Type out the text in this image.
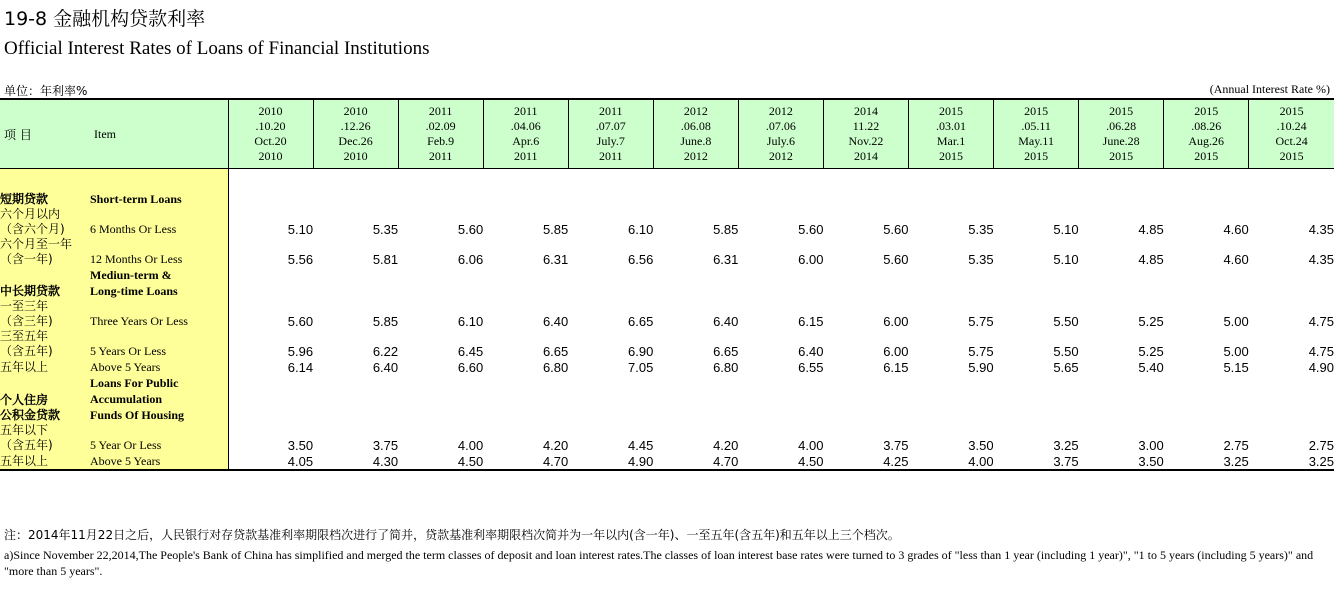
19-8 金融机构贷款利率
Official Interest Rates of Loans of Financial Institutions
单位：年利率%	(Annual Interest Rate %)
项 目	Item	2010
.10.20
Oct.20
2010	2010
.12.26
Dec.26
2010	2011
.02.09
Feb.9
2011	2011
.04.06
Apr.6
2011	2011
.07.07
July.7
2011	2012
.06.08
June.8
2012	2012
.07.06
July.6
2012	2014
11.22
Nov.22
2014	2015
.03.01
Mar.1
2015	2015
.05.11
May.11
2015	2015
.06.28
June.28
2015	2015
.08.26
Aug.26
2015	2015
.10.24
Oct.24
2015

短期贷款	Short-term Loans													
六个月以内
（含六个月)	6 Months Or Less	5.10	5.35	5.60	5.85	6.10	5.85	5.60	5.60	5.35	5.10	4.85	4.60	4.35
六个月至一年
（含一年)	12 Months Or Less	5.56	5.81	6.06	6.31	6.56	6.31	6.00	5.60	5.35	5.10	4.85	4.60	4.35
中长期贷款	Mediun-term &
Long-time Loans													
一至三年
（含三年)	Three Years Or Less	5.60	5.85	6.10	6.40	6.65	6.40	6.15	6.00	5.75	5.50	5.25	5.00	4.75
三至五年
（含五年)	5 Years Or Less	5.96	6.22	6.45	6.65	6.90	6.65	6.40	6.00	5.75	5.50	5.25	5.00	4.75
五年以上	Above 5 Years	6.14	6.40	6.60	6.80	7.05	6.80	6.55	6.15	5.90	5.65	5.40	5.15	4.90
个人住房
公积金贷款	Loans For Public
Accumulation
Funds Of Housing													
五年以下
（含五年)	5 Year Or Less	3.50	3.75	4.00	4.20	4.45	4.20	4.00	3.75	3.50	3.25	3.00	2.75	2.75
五年以上	Above 5 Years	4.05	4.30	4.50	4.70	4.90	4.70	4.50	4.25	4.00	3.75	3.50	3.25	3.25
注：2014年11月22日之后，人民银行对存贷款基准利率期限档次进行了简并，贷款基准利率期限档次简并为一年以内(含一年)、一至五年(含五年)和五年以上三个档次。
a)Since November 22,2014,The People's Bank of China has simplified and merged the term classes of deposit and loan interest rates.The classes of loan interest base rates were turned to 3 grades of "less than 1 year (including 1 year)", "1 to 5 years (including 5 years)" and "more than 5 years".
